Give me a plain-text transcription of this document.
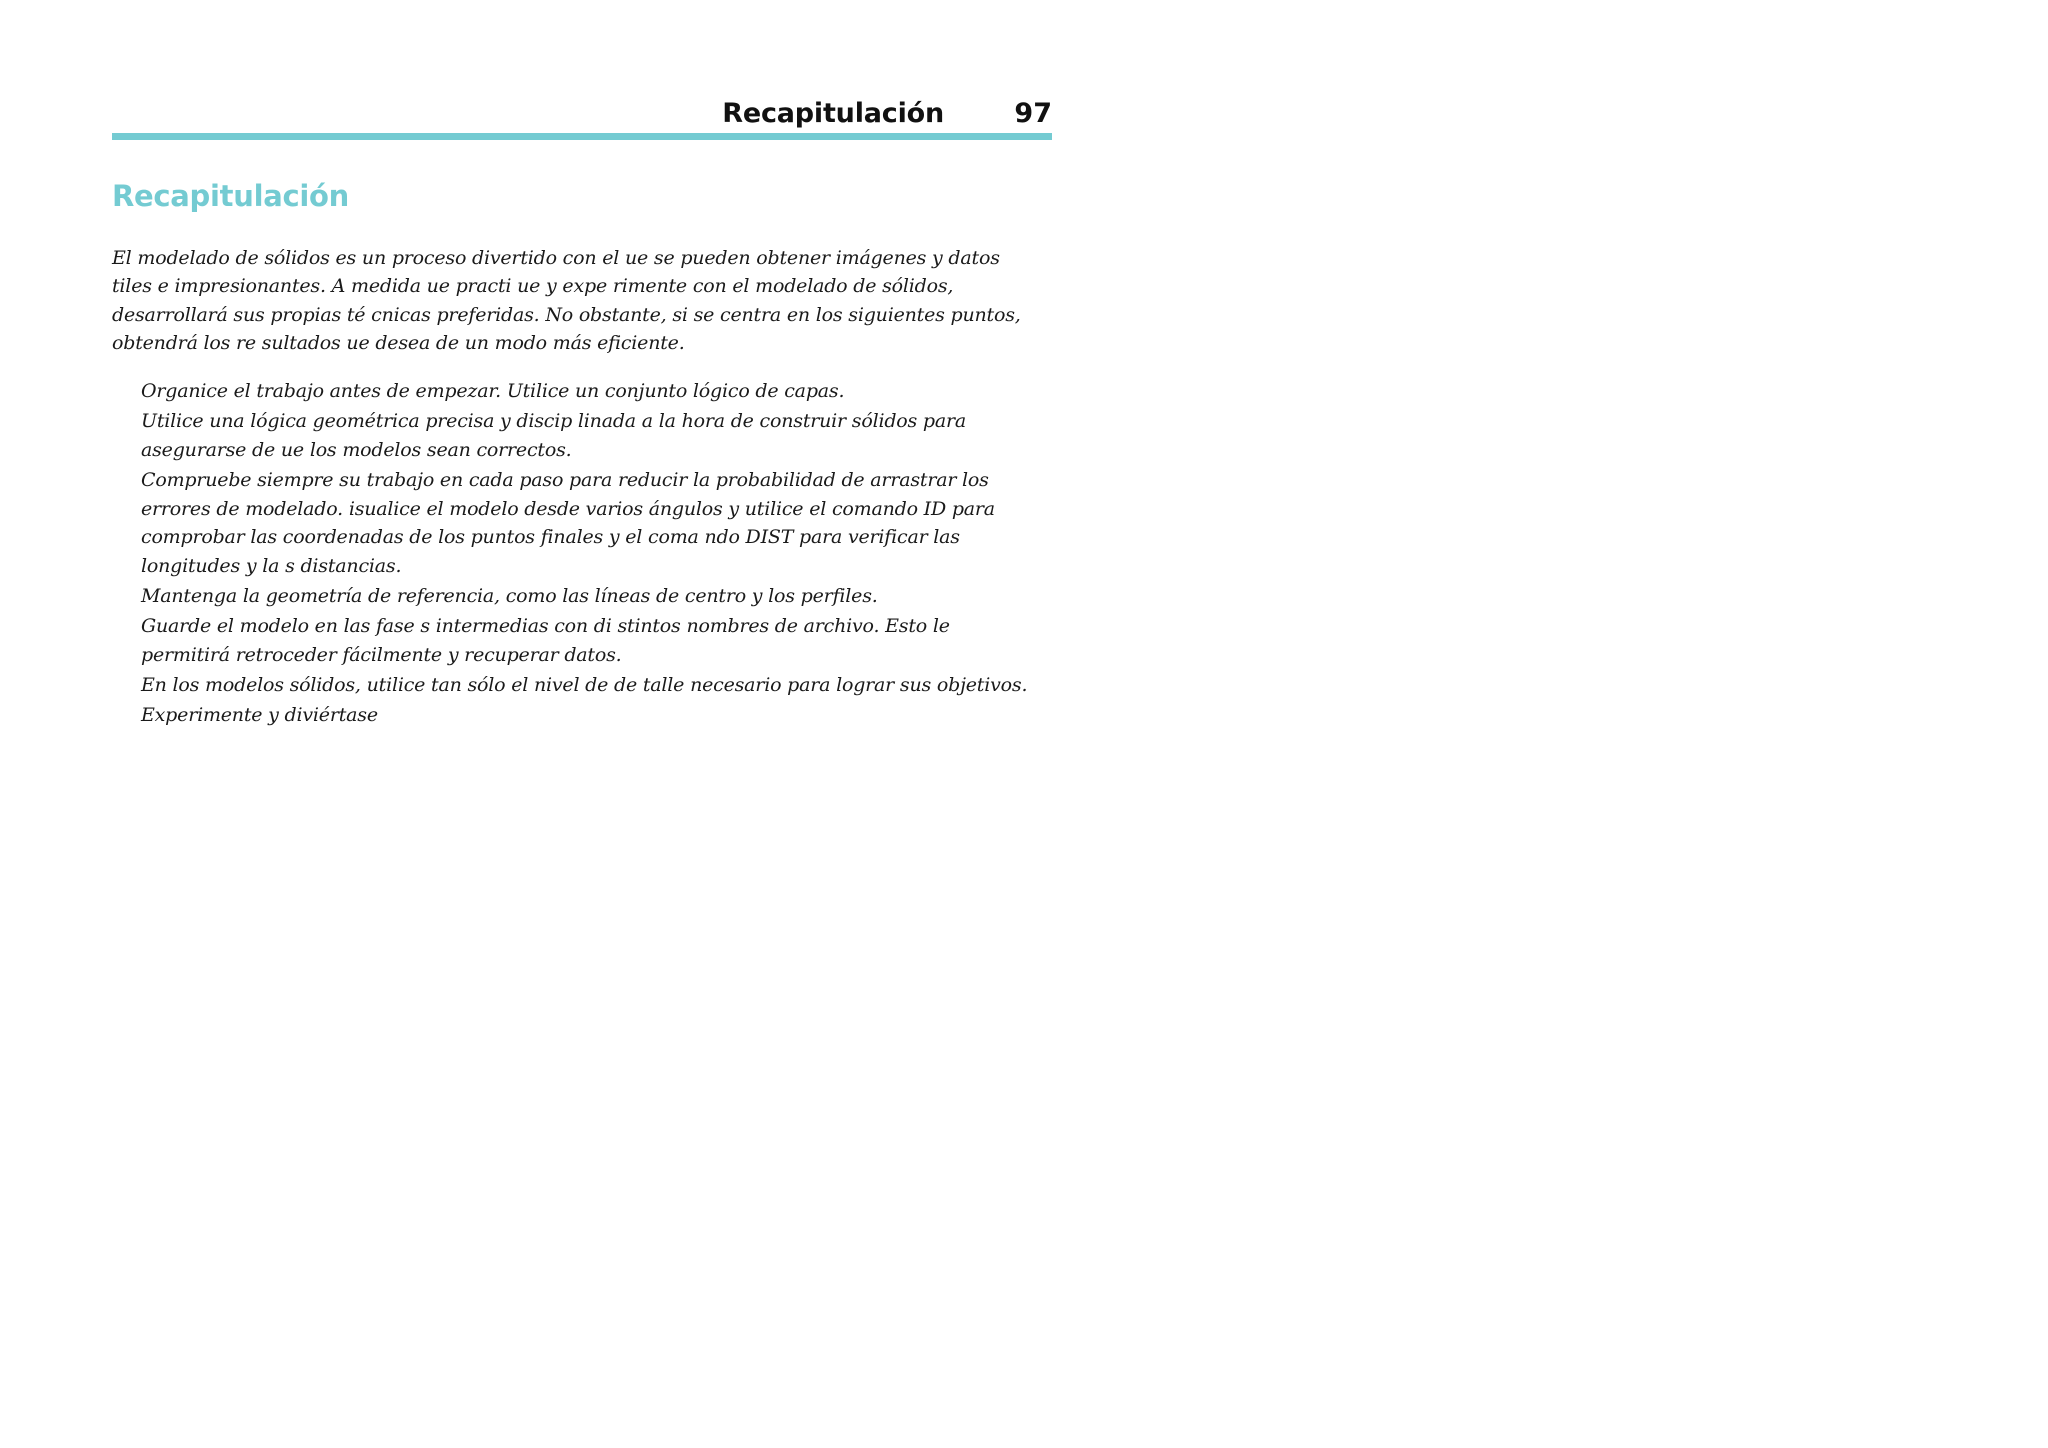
Recapitulación	97
Recapitulación

El modelado de sólidos es un proceso divertido con el ue se pueden obtener imágenes y datos tiles e impresionantes. A medida ue practi ue y expe rimente con el modelado de sólidos, desarrollará sus propias té cnicas preferidas. No obstante, si se centra en los siguientes puntos, obtendrá los re sultados ue desea de un modo más eficiente.

Organice el trabajo antes de empezar. Utilice un conjunto lógico de capas.
Utilice una lógica geométrica precisa y discip linada a la hora de construir sólidos para asegurarse de ue los modelos sean correctos.
Compruebe siempre su trabajo en cada paso para reducir la probabilidad de arrastrar los errores de modelado. isualice el modelo desde varios ángulos y utilice el comando ID para comprobar las coordenadas de los puntos finales y el coma ndo DIST para verificar las longitudes y la s distancias.
Mantenga la geometría de referencia, como las líneas de centro y los perfiles.
Guarde el modelo en las fase s intermedias con di stintos nombres de archivo. Esto le permitirá retroceder fácilmente y recuperar datos.
En los modelos sólidos, utilice tan sólo el nivel de de talle necesario para lograr sus objetivos.
Experimente y diviértase
